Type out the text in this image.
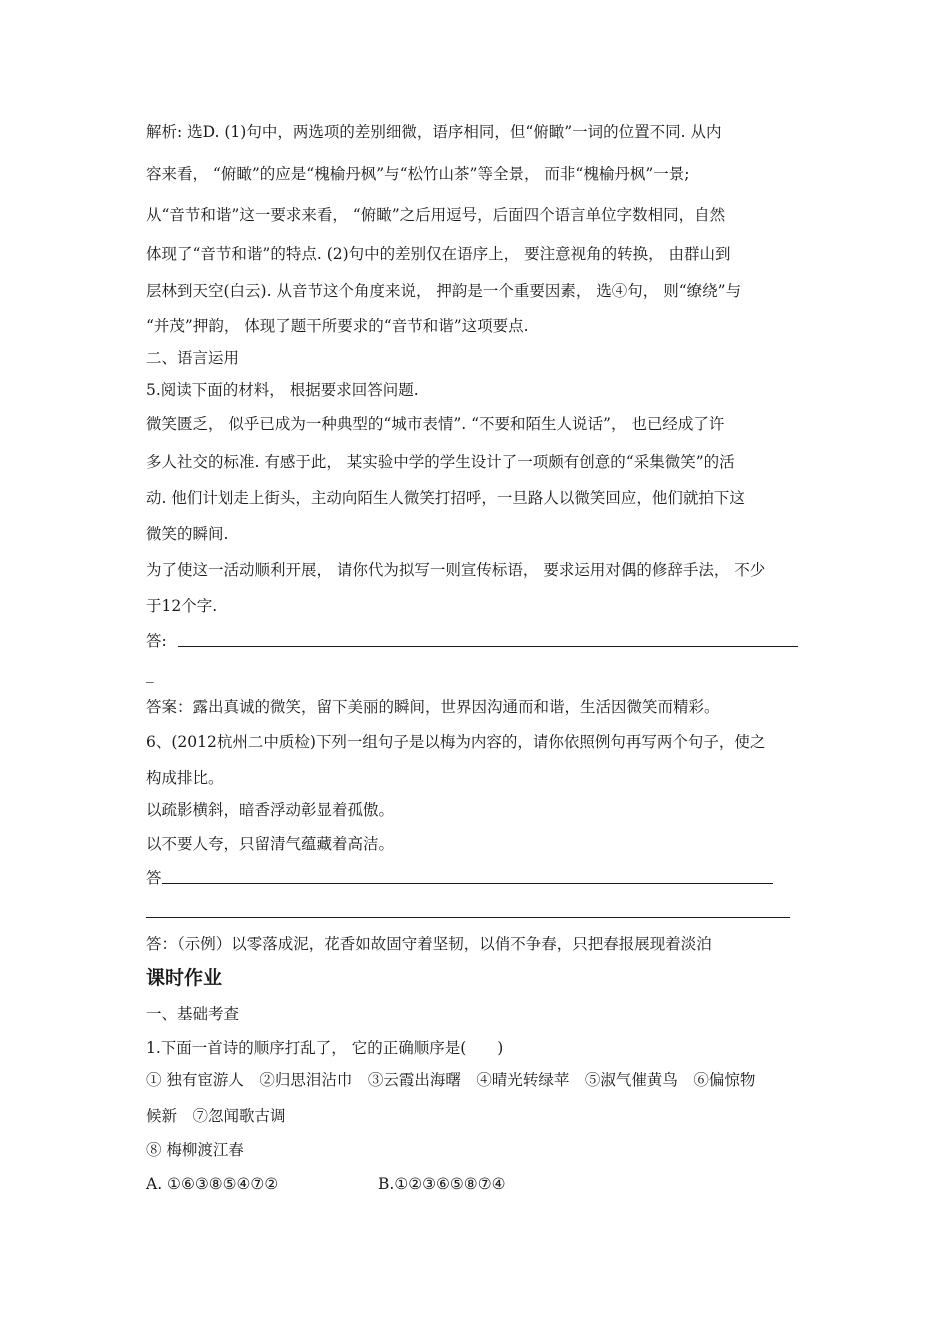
解析: 选D. (1)句中，两选项的差别细微，语序相同，但“俯瞰”一词的位置不同. 从内
容来看， “俯瞰”的应是“槐榆丹枫”与“松竹山茶”等全景， 而非“槐榆丹枫”一景;
从“音节和谐”这一要求来看， “俯瞰”之后用逗号，后面四个语言单位字数相同，自然
体现了“音节和谐”的特点. (2)句中的差别仅在语序上， 要注意视角的转换， 由群山到
层林到天空(白云). 从音节这个角度来说， 押韵是一个重要因素， 选④句， 则“缭绕”与
“并茂”押韵， 体现了题干所要求的“音节和谐”这项要点.
二、语言运用
5.阅读下面的材料， 根据要求回答问题.
微笑匮乏， 似乎已成为一种典型的“城市表情”. “不要和陌生人说话”， 也已经成了许
多人社交的标准. 有感于此， 某实验中学的学生设计了一项颇有创意的“采集微笑”的活
动. 他们计划走上街头，主动向陌生人微笑打招呼，一旦路人以微笑回应，他们就拍下这
微笑的瞬间.
为了使这一活动顺利开展， 请你代为拟写一则宣传标语， 要求运用对偶的修辞手法， 不少
于12个字.
答:
_
答案：露出真诚的微笑，留下美丽的瞬间，世界因沟通而和谐，生活因微笑而精彩。
6、(2012杭州二中质检)下列一组句子是以梅为内容的，请你依照例句再写两个句子，使之
构成排比。
以疏影横斜，暗香浮动彰显着孤傲。
以不要人夸，只留清气蕴藏着高洁。
答
答：（示例）以零落成泥，花香如故固守着坚韧，以俏不争春，只把春报展现着淡泊
课时作业
一、基础考查
1.下面一首诗的顺序打乱了， 它的正确顺序是(　　)
① 独有宦游人　②归思泪沾巾　③云霞出海曙　④晴光转绿苹　⑤淑气催黄鸟　⑥偏惊物
候新　⑦忽闻歌古调
⑧ 梅柳渡江春
A. ①⑥③⑧⑤④⑦②	B.①②③⑥⑤⑧⑦④
